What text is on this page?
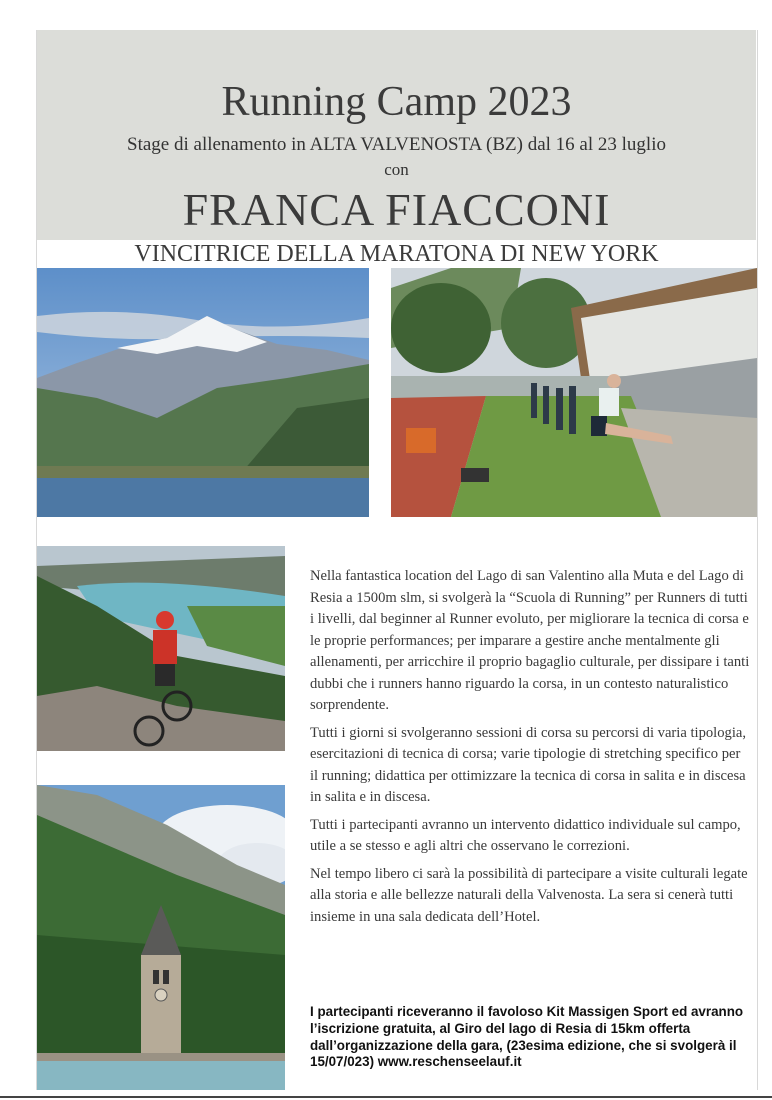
Running Camp 2023
Stage di allenamento in ALTA VALVENOSTA (BZ) dal 16 al 23 luglio
con
FRANCA FIACCONI
VINCITRICE DELLA MARATONA DI NEW YORK

Nella fantastica location del Lago di san Valentino alla Muta e del Lago di Resia a 1500m slm, si svolgerà la “Scuola di Running” per Runners di tutti i livelli, dal beginner al Runner evoluto, per migliorare la tecnica di corsa e le proprie performances; per imparare a gestire anche mentalmente gli allenamenti, per arricchire il proprio bagaglio culturale, per dissipare i tanti dubbi che i runners hanno riguardo la corsa, in un contesto naturalistico sorprendente.

Tutti i giorni si svolgeranno sessioni di corsa su percorsi di varia tipologia, esercitazioni di tecnica di corsa; varie tipologie di stretching specifico per il running; didattica per ottimizzare la tecnica di corsa in salita e in discesa in salita e in discesa.

Tutti i partecipanti avranno un intervento didattico individuale sul campo, utile a se stesso e agli altri che osservano le correzioni.

Nel tempo libero ci sarà la possibilità di partecipare a visite culturali legate alla storia e alle bellezze naturali della Valvenosta. La sera si cenerà tutti insieme in una sala dedicata dell’Hotel.

I partecipanti riceveranno il favoloso Kit Massigen Sport ed avranno l’iscrizione gratuita, al Giro del lago di Resia di 15km offerta dall’organizzazione della gara, (23esima edizione, che si svolgerà il 15/07/023) www.reschenseelauf.it
